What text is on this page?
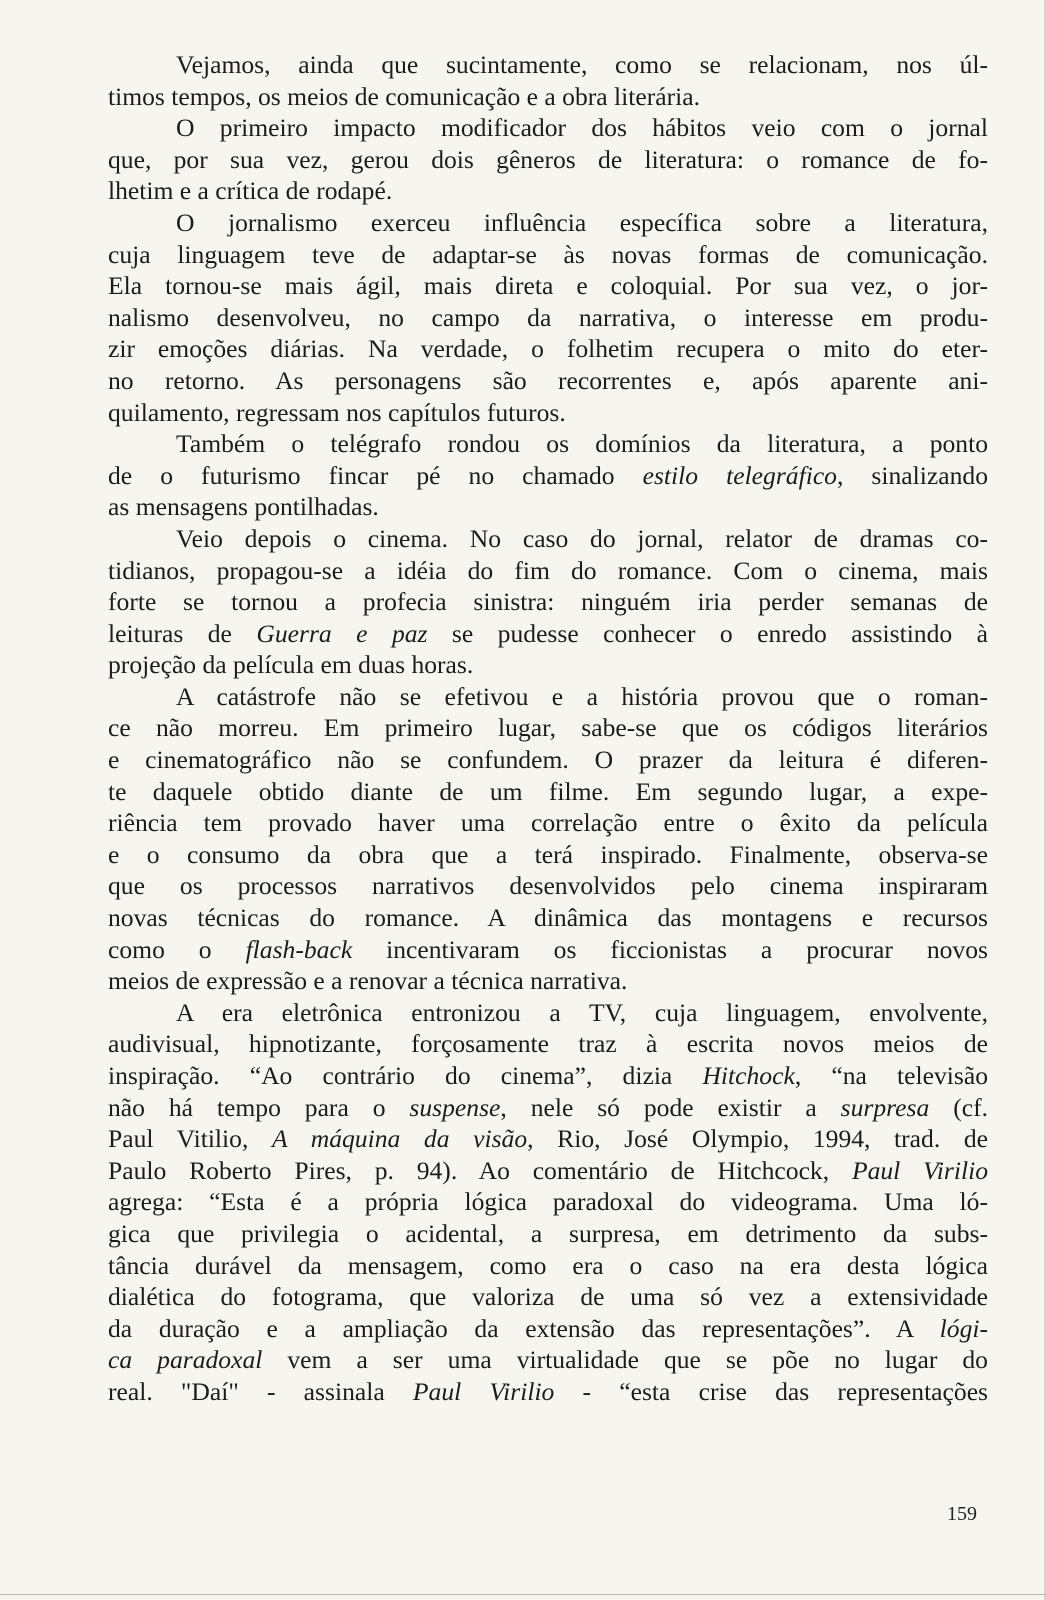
Vejamos, ainda que sucintamente, como se relacionam, nos úl-
timos tempos, os meios de comunicação e a obra literária.
O primeiro impacto modificador dos hábitos veio com o jornal
que, por sua vez, gerou dois gêneros de literatura: o romance de fo-
lhetim e a crítica de rodapé.
O jornalismo exerceu influência específica sobre a literatura,
cuja linguagem teve de adaptar-se às novas formas de comunicação.
Ela tornou-se mais ágil, mais direta e coloquial. Por sua vez, o jor-
nalismo desenvolveu, no campo da narrativa, o interesse em produ-
zir emoções diárias. Na verdade, o folhetim recupera o mito do eter-
no retorno. As personagens são recorrentes e, após aparente ani-
quilamento, regressam nos capítulos futuros.
Também o telégrafo rondou os domínios da literatura, a ponto
de o futurismo fincar pé no chamado estilo telegráfico, sinalizando
as mensagens pontilhadas.
Veio depois o cinema. No caso do jornal, relator de dramas co-
tidianos, propagou-se a idéia do fim do romance. Com o cinema, mais
forte se tornou a profecia sinistra: ninguém iria perder semanas de
leituras de Guerra e paz se pudesse conhecer o enredo assistindo à
projeção da película em duas horas.
A catástrofe não se efetivou e a história provou que o roman-
ce não morreu. Em primeiro lugar, sabe-se que os códigos literários
e cinematográfico não se confundem. O prazer da leitura é diferen-
te daquele obtido diante de um filme. Em segundo lugar, a expe-
riência tem provado haver uma correlação entre o êxito da película
e o consumo da obra que a terá inspirado. Finalmente, observa-se
que os processos narrativos desenvolvidos pelo cinema inspiraram
novas técnicas do romance. A dinâmica das montagens e recursos
como o flash-back incentivaram os ficcionistas a procurar novos
meios de expressão e a renovar a técnica narrativa.
A era eletrônica entronizou a TV, cuja linguagem, envolvente,
audivisual, hipnotizante, forçosamente traz à escrita novos meios de
inspiração. “Ao contrário do cinema”, dizia Hitchock, “na televisão
não há tempo para o suspense, nele só pode existir a surpresa (cf.
Paul Vitilio, A máquina da visão, Rio, José Olympio, 1994, trad. de
Paulo Roberto Pires, p. 94). Ao comentário de Hitchcock, Paul Virilio
agrega: “Esta é a própria lógica paradoxal do videograma. Uma ló-
gica que privilegia o acidental, a surpresa, em detrimento da subs-
tância durável da mensagem, como era o caso na era desta lógica
dialética do fotograma, que valoriza de uma só vez a extensividade
da duração e a ampliação da extensão das representações”. A lógi-
ca paradoxal vem a ser uma virtualidade que se põe no lugar do
real. "Daí" - assinala Paul Virilio - “esta crise das representações
159
